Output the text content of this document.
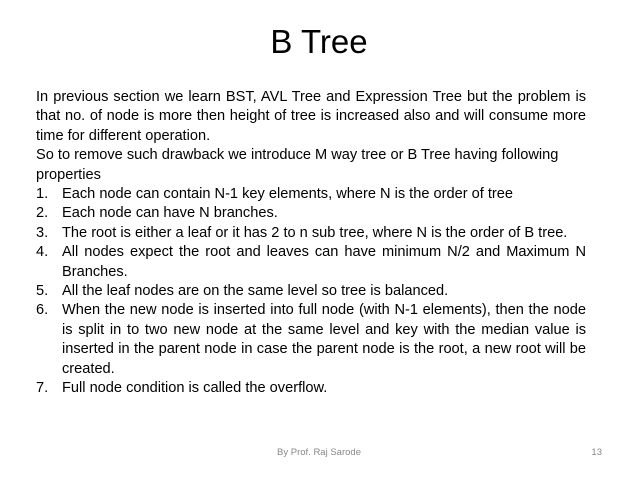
B Tree

In previous section we learn BST, AVL Tree and Expression Tree but the problem is that no. of node is more then height of tree is increased also and will consume more time for different operation.

So to remove such drawback we introduce M way tree or B Tree having following properties

1. Each node can contain N-1 key elements, where N is the order of tree
2. Each node can have N branches.
3. The root is either a leaf or it has 2 to n sub tree, where N is the order of B tree.
4. All nodes expect the root and leaves can have minimum N/2 and Maximum N Branches.
5. All the leaf nodes are on the same level so tree is balanced.
6. When the new node is inserted into full node (with N-1 elements), then the node is split in to two new node at the same level and key with the median value is inserted in the parent node in case the parent node is the root, a new root will be created.
7. Full node condition is called the overflow.
By Prof. Raj Sarode	13
